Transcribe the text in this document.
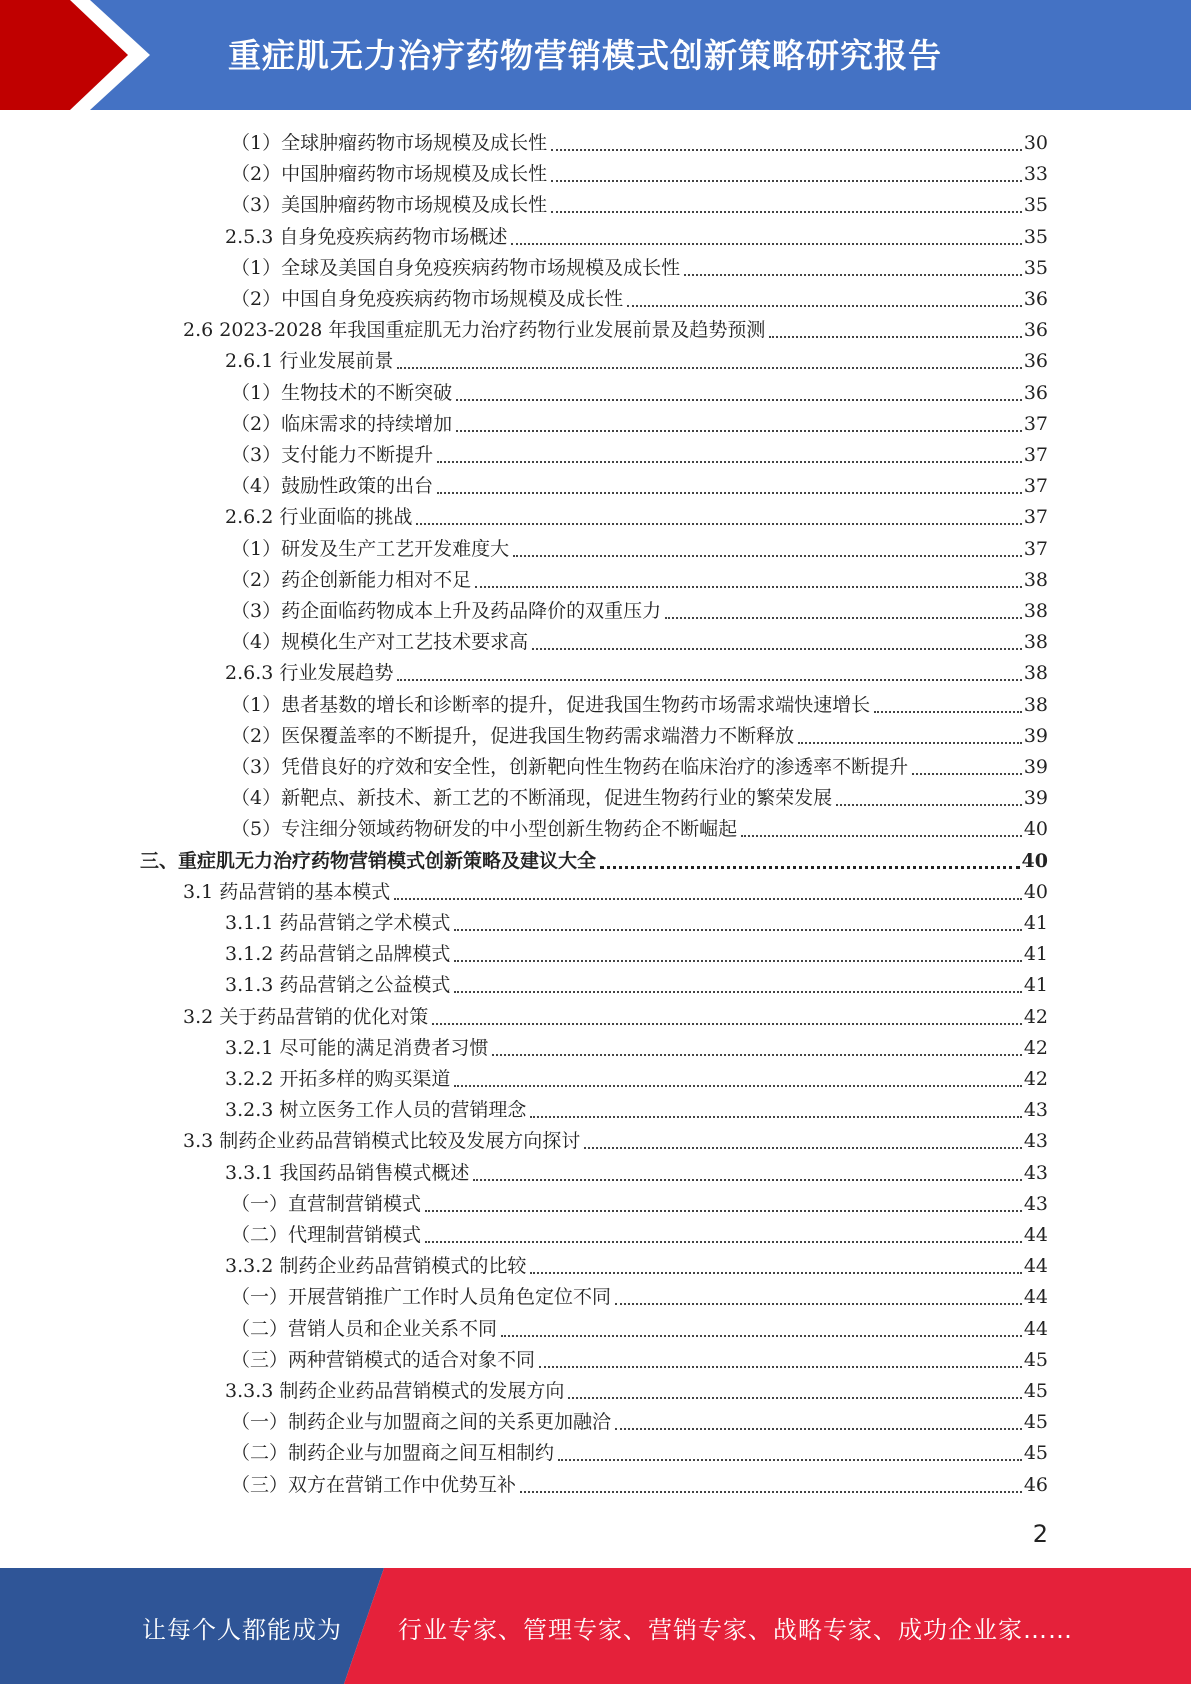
重症肌无力治疗药物营销模式创新策略研究报告
（1）全球肿瘤药物市场规模及成长性	30
（2）中国肿瘤药物市场规模及成长性	33
（3）美国肿瘤药物市场规模及成长性	35
2.5.3 自身免疫疾病药物市场概述	35
（1）全球及美国自身免疫疾病药物市场规模及成长性	35
（2）中国自身免疫疾病药物市场规模及成长性	36
2.6 2023-2028 年我国重症肌无力治疗药物行业发展前景及趋势预测	36
2.6.1 行业发展前景	36
（1）生物技术的不断突破	36
（2）临床需求的持续增加	37
（3）支付能力不断提升	37
（4）鼓励性政策的出台	37
2.6.2 行业面临的挑战	37
（1）研发及生产工艺开发难度大	37
（2）药企创新能力相对不足	38
（3）药企面临药物成本上升及药品降价的双重压力	38
（4）规模化生产对工艺技术要求高	38
2.6.3 行业发展趋势	38
（1）患者基数的增长和诊断率的提升，促进我国生物药市场需求端快速增长	38
（2）医保覆盖率的不断提升，促进我国生物药需求端潜力不断释放	39
（3）凭借良好的疗效和安全性，创新靶向性生物药在临床治疗的渗透率不断提升	39
（4）新靶点、新技术、新工艺的不断涌现，促进生物药行业的繁荣发展	39
（5）专注细分领域药物研发的中小型创新生物药企不断崛起	40
三、重症肌无力治疗药物营销模式创新策略及建议大全	40
3.1 药品营销的基本模式	40
3.1.1 药品营销之学术模式	41
3.1.2 药品营销之品牌模式	41
3.1.3 药品营销之公益模式	41
3.2 关于药品营销的优化对策	42
3.2.1 尽可能的满足消费者习惯	42
3.2.2 开拓多样的购买渠道	42
3.2.3 树立医务工作人员的营销理念	43
3.3 制药企业药品营销模式比较及发展方向探讨	43
3.3.1 我国药品销售模式概述	43
（一）直营制营销模式	43
（二）代理制营销模式	44
3.3.2 制药企业药品营销模式的比较	44
（一）开展营销推广工作时人员角色定位不同	44
（二）营销人员和企业关系不同	44
（三）两种营销模式的适合对象不同	45
3.3.3 制药企业药品营销模式的发展方向	45
（一）制药企业与加盟商之间的关系更加融洽	45
（二）制药企业与加盟商之间互相制约	45
（三）双方在营销工作中优势互补	46
2
让每个人都能成为 行业专家、管理专家、营销专家、战略专家、成功企业家……
